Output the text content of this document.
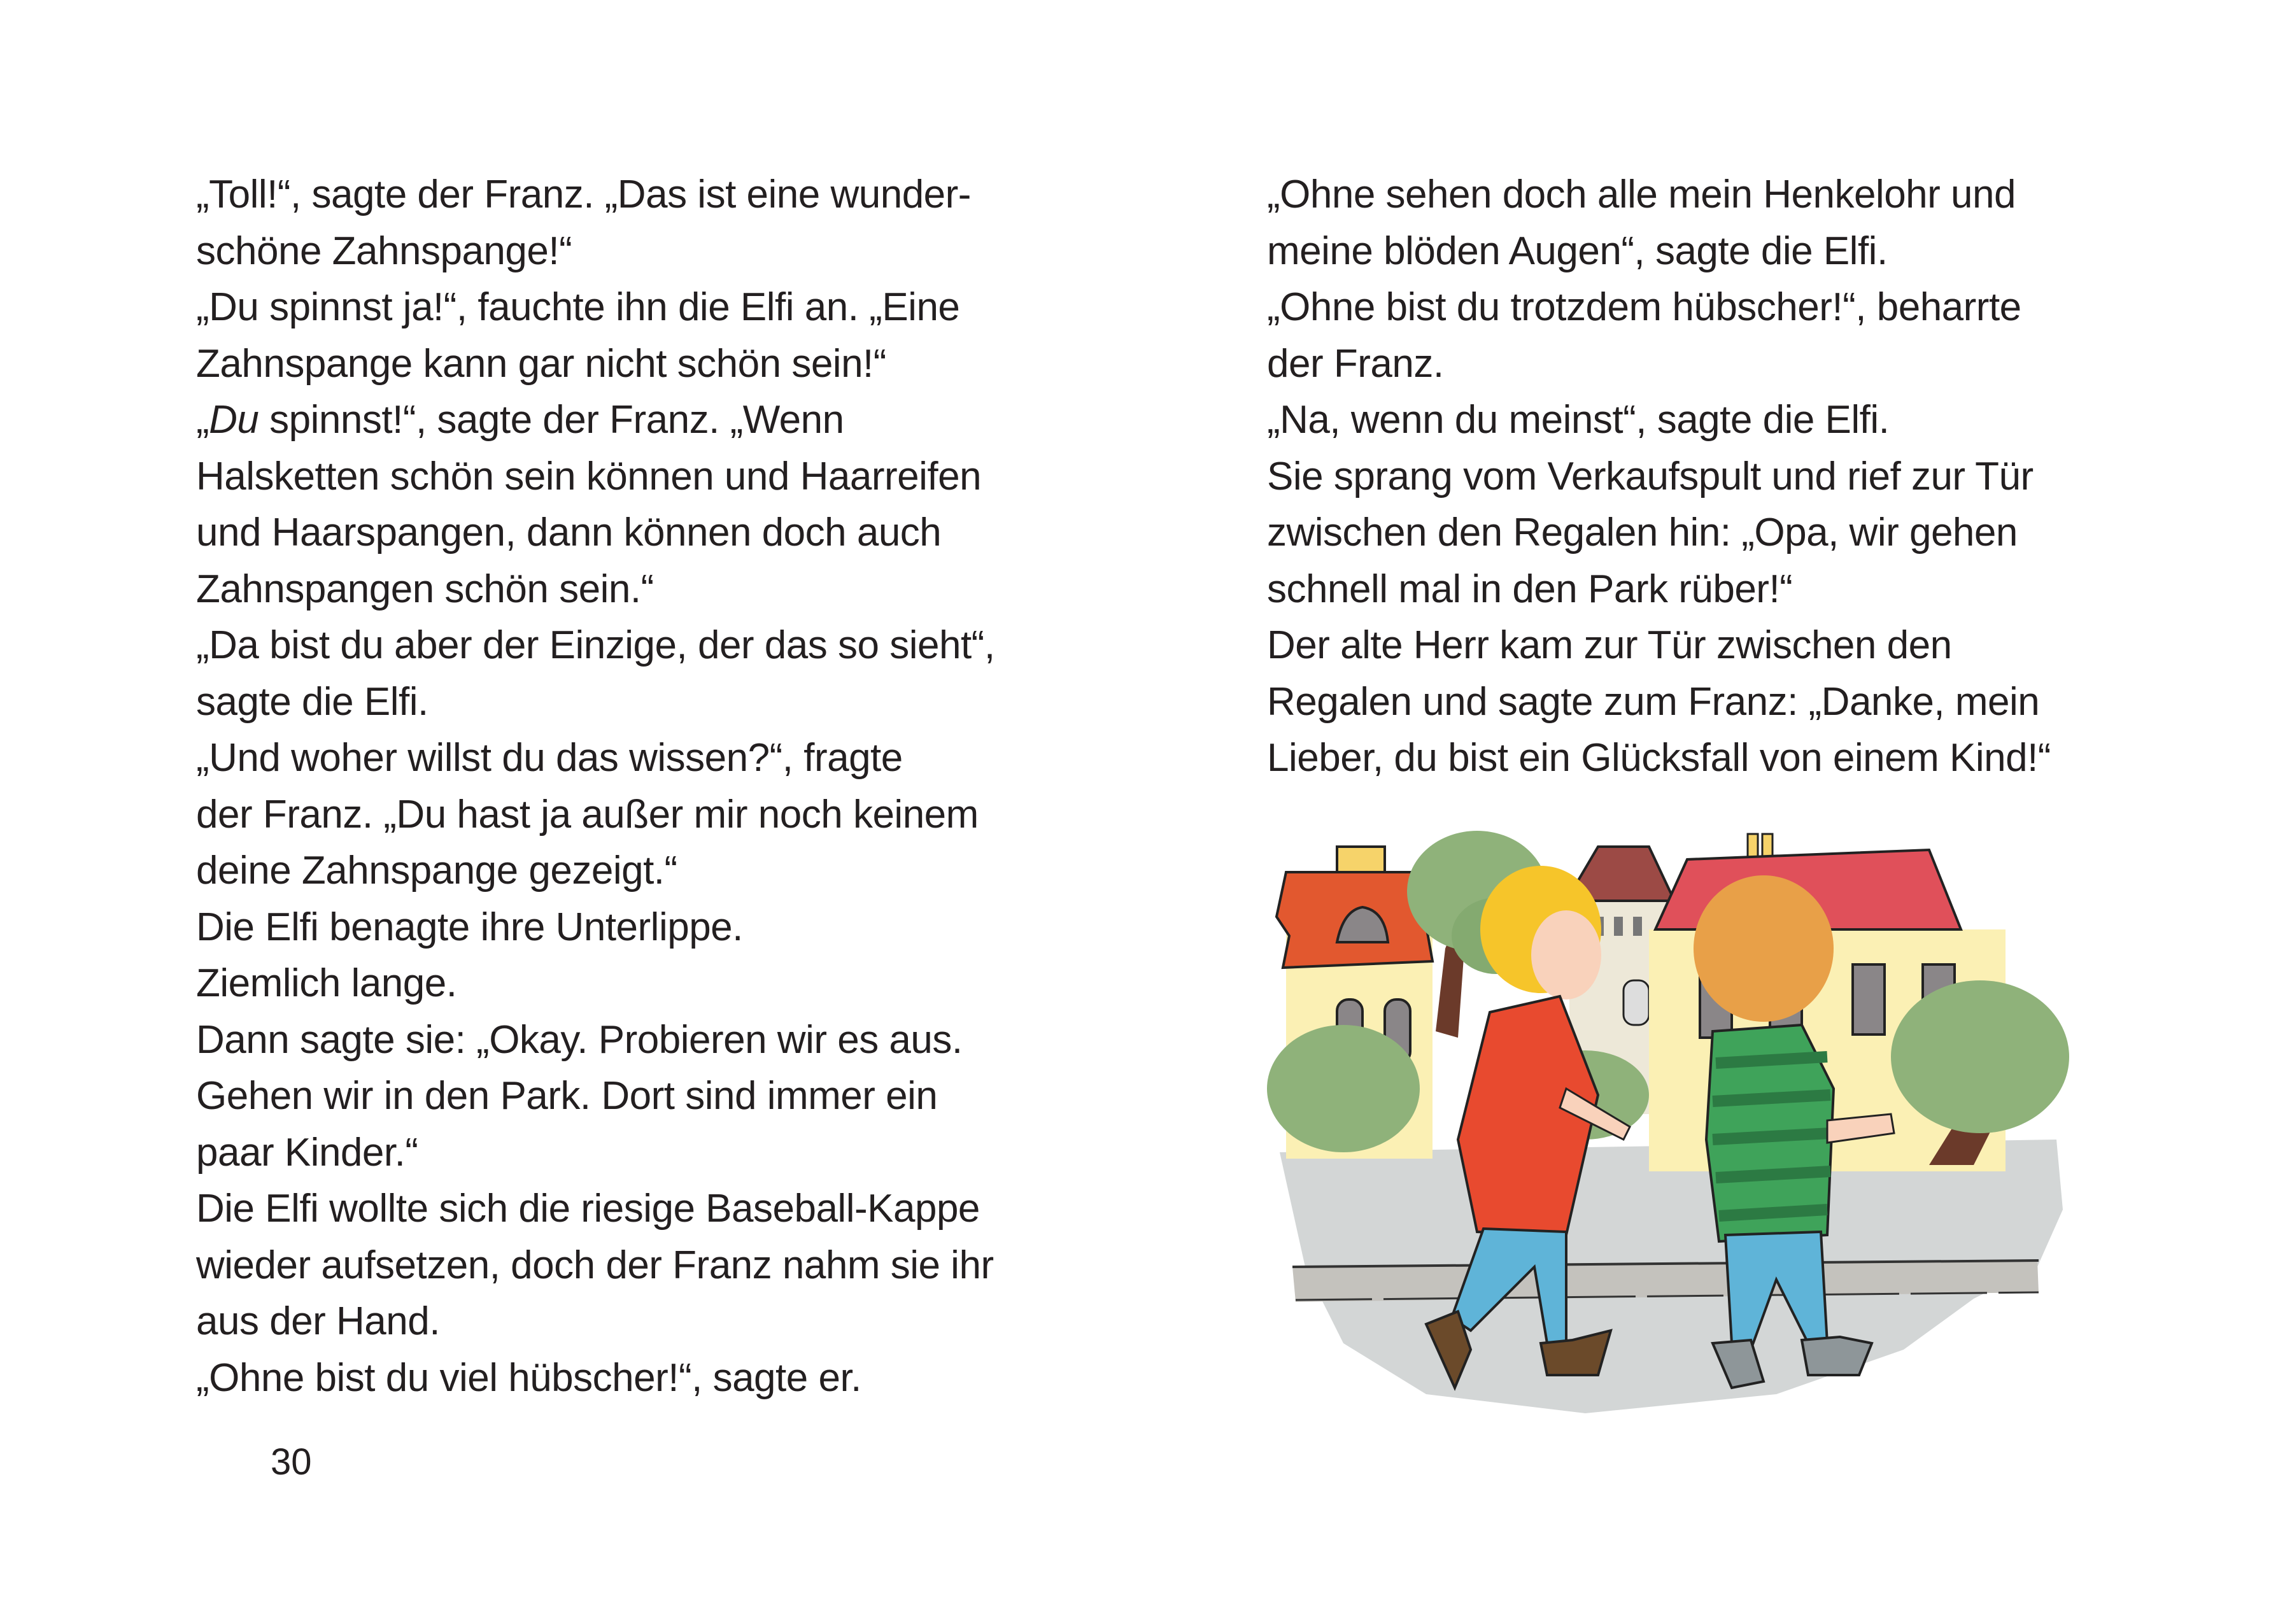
„Toll!“, sagte der Franz. „Das ist eine wunder-
schöne Zahnspange!“
„Du spinnst ja!“, fauchte ihn die Elfi an. „Eine
Zahnspange kann gar nicht schön sein!“
„Du spinnst!“, sagte der Franz. „Wenn
Halsketten schön sein können und Haarreifen
und Haarspangen, dann können doch auch
Zahnspangen schön sein.“
„Da bist du aber der Einzige, der das so sieht“,
sagte die Elfi.
„Und woher willst du das wissen?“, fragte
der Franz. „Du hast ja außer mir noch keinem
deine Zahnspange gezeigt.“
Die Elfi benagte ihre Unterlippe.
Ziemlich lange.
Dann sagte sie: „Okay. Probieren wir es aus.
Gehen wir in den Park. Dort sind immer ein
paar Kinder.“
Die Elfi wollte sich die riesige Baseball-Kappe
wieder aufsetzen, doch der Franz nahm sie ihr
aus der Hand.
„Ohne bist du viel hübscher!“, sagte er.
30
„Ohne sehen doch alle mein Henkelohr und
meine blöden Augen“, sagte die Elfi.
„Ohne bist du trotzdem hübscher!“, beharrte
der Franz.
„Na, wenn du meinst“, sagte die Elfi.
Sie sprang vom Verkaufspult und rief zur Tür
zwischen den Regalen hin: „Opa, wir gehen
schnell mal in den Park rüber!“
Der alte Herr kam zur Tür zwischen den
Regalen und sagte zum Franz: „Danke, mein
Lieber, du bist ein Glücksfall von einem Kind!“
